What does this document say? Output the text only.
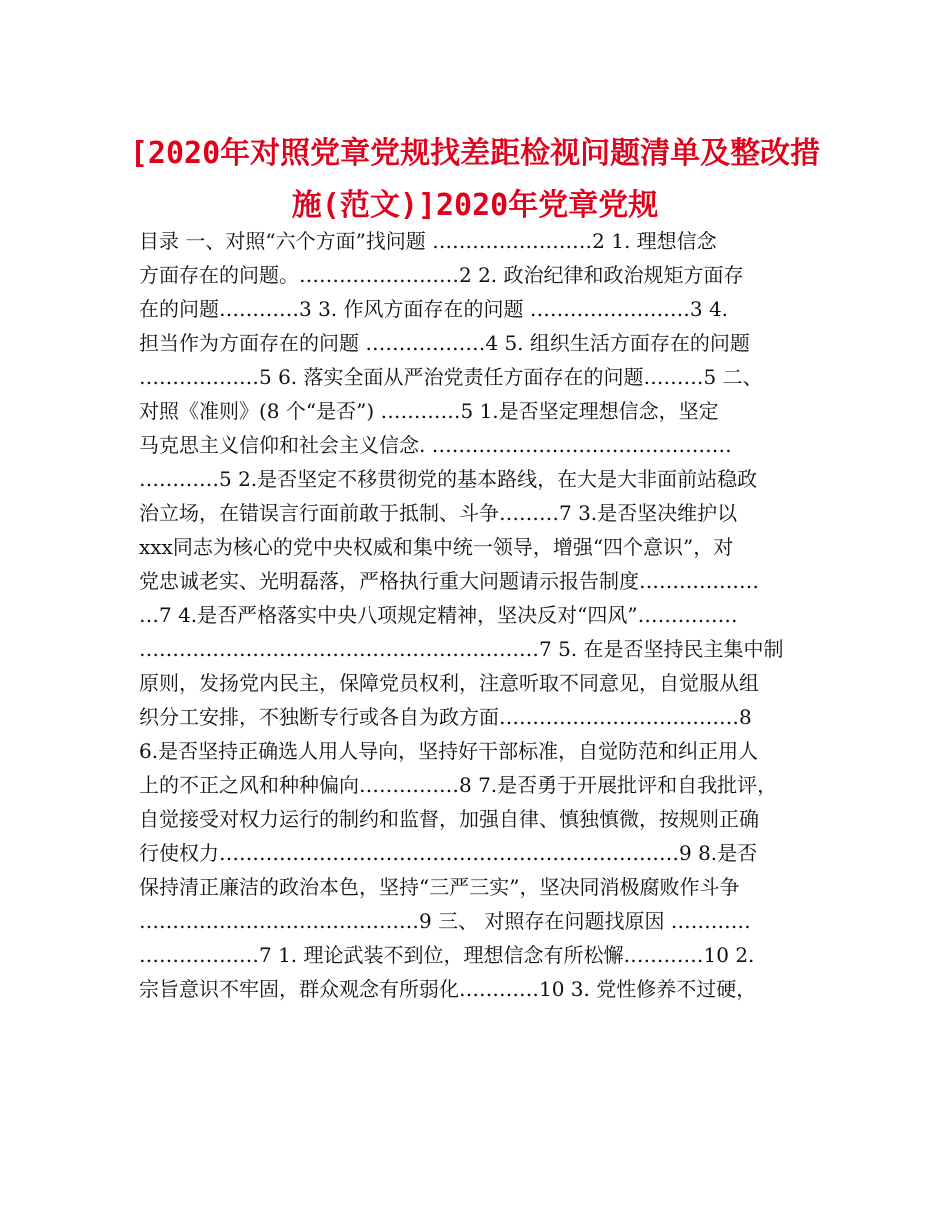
[2020年对照党章党规找差距检视问题清单及整改措
施(范文)]2020年党章党规
目录 一、对照“六个方面”找问题 ……………………2 1. 理想信念
方面存在的问题。……………………2 2. 政治纪律和政治规矩方面存
在的问题…………3 3. 作风方面存在的问题 ……………………3 4.
担当作为方面存在的问题 ………………4 5. 组织生活方面存在的问题
………………5 6. 落实全面从严治党责任方面存在的问题………5 二、
对照《准则》(8 个“是否”) …………5 1.是否坚定理想信念，坚定
马克思主义信仰和社会主义信念. ………………………………………
…………5 2.是否坚定不移贯彻党的基本路线，在大是大非面前站稳政
治立场，在错误言行面前敢于抵制、斗争………7 3.是否坚决维护以
xxx同志为核心的党中央权威和集中统一领导，增强“四个意识”，对
党忠诚老实、光明磊落，严格执行重大问题请示报告制度………………
…7 4.是否严格落实中央八项规定精神，坚决反对“四风”……………
……………………………………………………7 5. 在是否坚持民主集中制
原则，发扬党内民主，保障党员权利，注意听取不同意见，自觉服从组
织分工安排，不独断专行或各自为政方面………………………………8
6.是否坚持正确选人用人导向，坚持好干部标准，自觉防范和纠正用人
上的不正之风和种种偏向……………8 7.是否勇于开展批评和自我批评，
自觉接受对权力运行的制约和监督，加强自律、慎独慎微，按规则正确
行使权力……………………………………………………………9 8.是否
保持清正廉洁的政治本色，坚持“三严三实”，坚决同消极腐败作斗争
……………………………………9 三、 对照存在问题找原因 …………
………………7 1. 理论武装不到位，理想信念有所松懈…………10 2.
宗旨意识不牢固，群众观念有所弱化…………10 3. 党性修养不过硬，
